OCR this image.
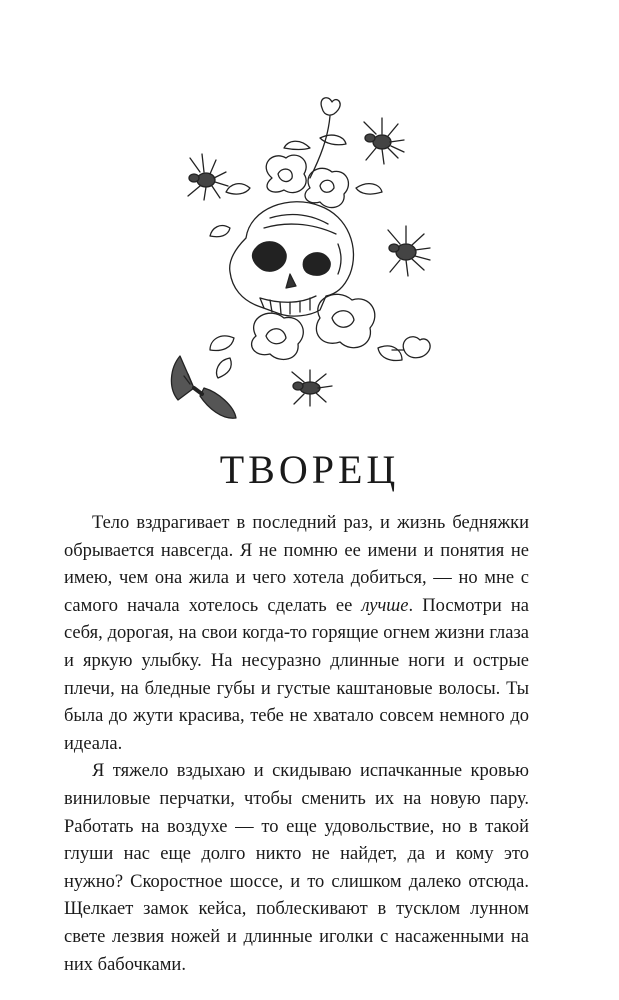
ТВОРЕЦ

Тело вздрагивает в последний раз, и жизнь бедняжки обрывается навсегда. Я не помню ее имени и понятия не имею, чем она жила и чего хотела добиться, — но мне с самого начала хотелось сделать ее лучше. Посмотри на себя, дорогая, на свои когда-то горящие огнем жизни глаза и яркую улыбку. На несуразно длинные ноги и острые плечи, на бледные губы и густые каштановые волосы. Ты была до жути красива, тебе не хватало совсем немного до идеала.

Я тяжело вздыхаю и скидываю испачканные кровью виниловые перчатки, чтобы сменить их на новую пару. Работать на воздухе — то еще удовольствие, но в такой глуши нас еще долго никто не найдет, да и кому это нужно? Скоростное шоссе, и то слишком далеко отсюда. Щелкает замок кейса, поблескивают в тусклом лунном свете лезвия ножей и длинные иголки с насаженными на них бабочками.
